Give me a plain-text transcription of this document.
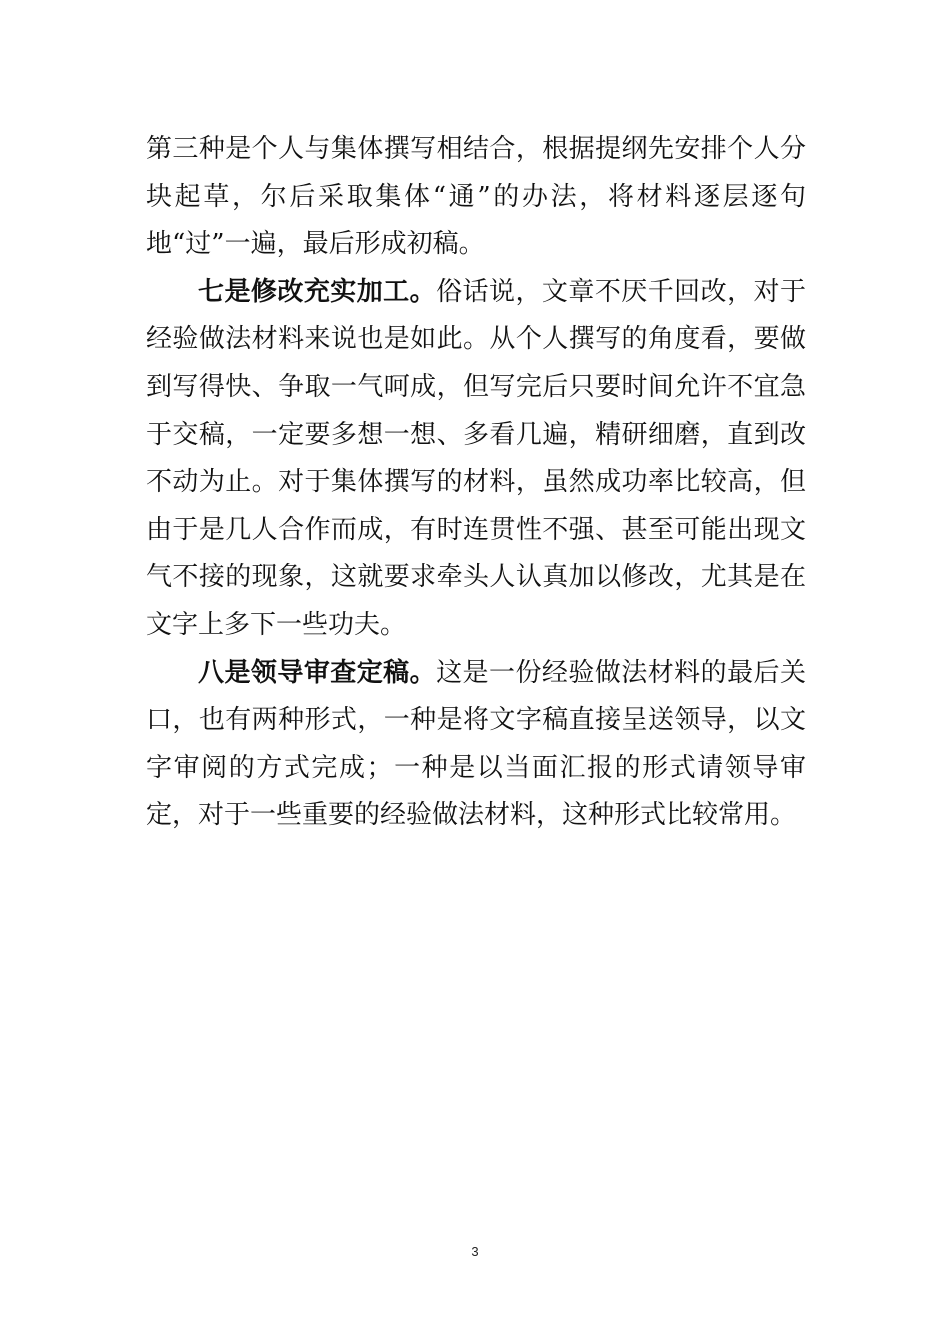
第三种是个人与集体撰写相结合，根据提纲先安排个人分块起草，尔后采取集体“通”的办法，将材料逐层逐句地“过”一遍，最后形成初稿。

七是修改充实加工。俗话说，文章不厌千回改，对于经验做法材料来说也是如此。从个人撰写的角度看，要做到写得快、争取一气呵成，但写完后只要时间允许不宜急于交稿，一定要多想一想、多看几遍，精研细磨，直到改不动为止。对于集体撰写的材料，虽然成功率比较高，但由于是几人合作而成，有时连贯性不强、甚至可能出现文气不接的现象，这就要求牵头人认真加以修改，尤其是在文字上多下一些功夫。

八是领导审查定稿。这是一份经验做法材料的最后关口，也有两种形式，一种是将文字稿直接呈送领导，以文字审阅的方式完成；一种是以当面汇报的形式请领导审定，对于一些重要的经验做法材料，这种形式比较常用。

3
